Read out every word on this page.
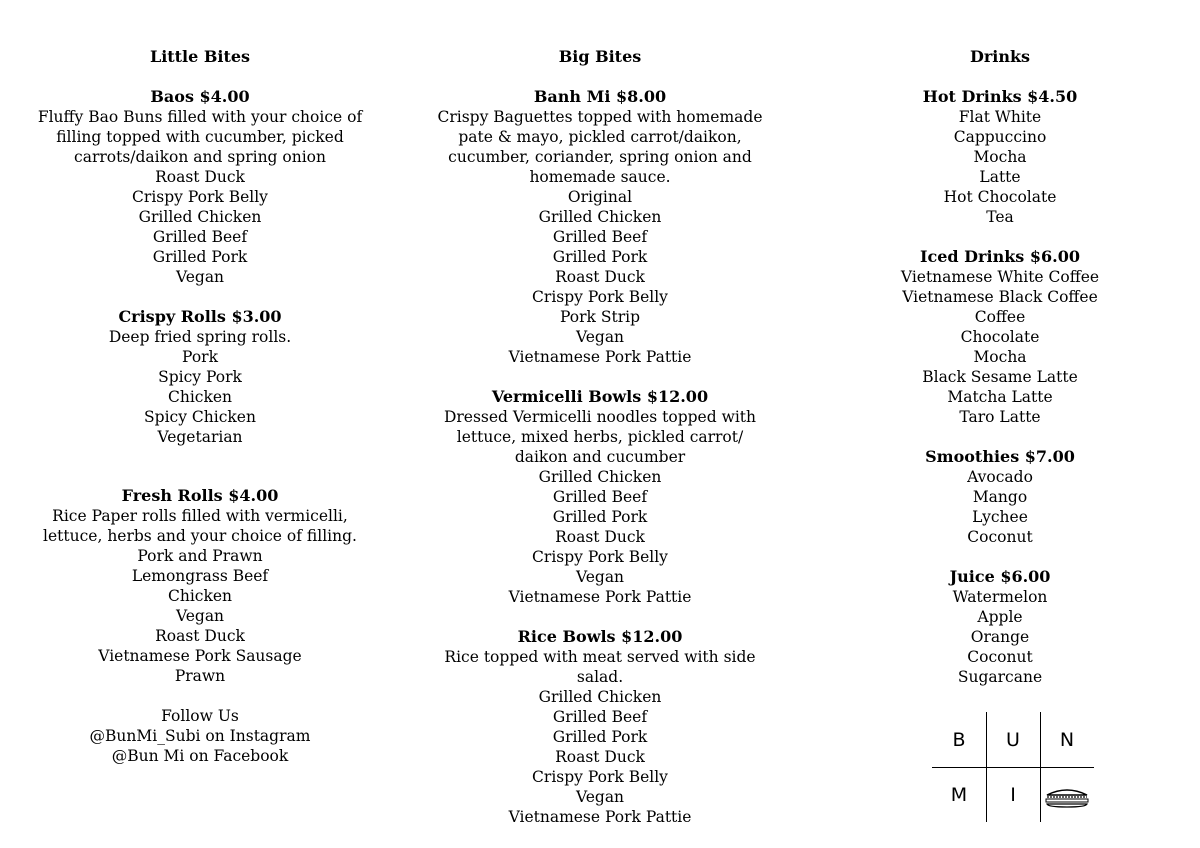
Little Bites
Baos $4.00
Fluffy Bao Buns filled with your choice of
filling topped with cucumber, picked
carrots/daikon and spring onion
Roast Duck
Crispy Pork Belly
Grilled Chicken
Grilled Beef
Grilled Pork
Vegan
Crispy Rolls $3.00
Deep fried spring rolls.
Pork
Spicy Pork
Chicken
Spicy Chicken
Vegetarian
Fresh Rolls $4.00
Rice Paper rolls filled with vermicelli,
lettuce, herbs and your choice of filling.
Pork and Prawn
Lemongrass Beef
Chicken
Vegan
Roast Duck
Vietnamese Pork Sausage
Prawn
Follow Us
@BunMi_Subi on Instagram
@Bun Mi on Facebook
Big Bites
Banh Mi $8.00
Crispy Baguettes topped with homemade
pate & mayo, pickled carrot/daikon,
cucumber, coriander, spring onion and
homemade sauce.
Original
Grilled Chicken
Grilled Beef
Grilled Pork
Roast Duck
Crispy Pork Belly
Pork Strip
Vegan
Vietnamese Pork Pattie
Vermicelli Bowls $12.00
Dressed Vermicelli noodles topped with
lettuce, mixed herbs, pickled carrot/
daikon and cucumber
Grilled Chicken
Grilled Beef
Grilled Pork
Roast Duck
Crispy Pork Belly
Vegan
Vietnamese Pork Pattie
Rice Bowls $12.00
Rice topped with meat served with side
salad.
Grilled Chicken
Grilled Beef
Grilled Pork
Roast Duck
Crispy Pork Belly
Vegan
Vietnamese Pork Pattie
Drinks
Hot Drinks $4.50
Flat White
Cappuccino
Mocha
Latte
Hot Chocolate
Tea
Iced Drinks $6.00
Vietnamese White Coffee
Vietnamese Black Coffee
Coffee
Chocolate
Mocha
Black Sesame Latte
Matcha Latte
Taro Latte
Smoothies $7.00
Avocado
Mango
Lychee
Coconut
Juice $6.00
Watermelon
Apple
Orange
Coconut
Sugarcane
B	U	N
M	I
